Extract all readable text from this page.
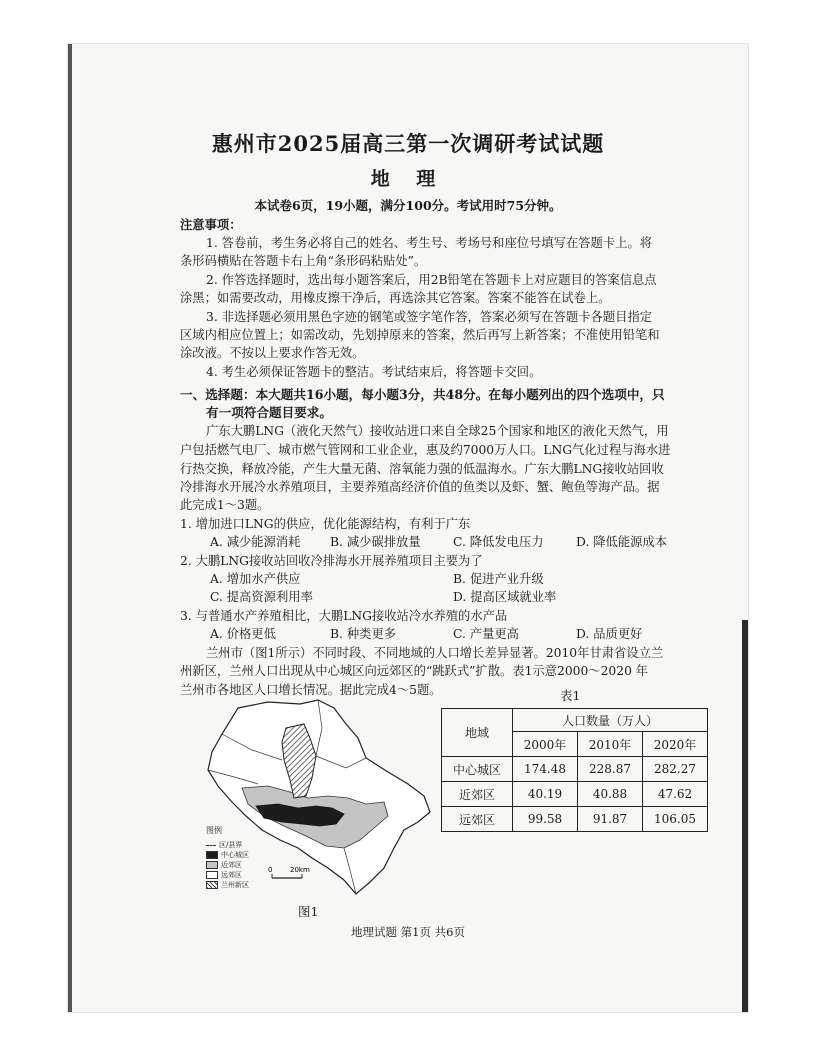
惠州市2025届高三第一次调研考试试题
地 理
本试卷6页，19小题，满分100分。考试用时75分钟。
注意事项：
1. 答卷前，考生务必将自己的姓名、考生号、考场号和座位号填写在答题卡上。将
条形码横贴在答题卡右上角“条形码粘贴处”。
2. 作答选择题时，选出每小题答案后，用2B铅笔在答题卡上对应题目的答案信息点
涂黑；如需要改动，用橡皮擦干净后，再选涂其它答案。答案不能答在试卷上。
3. 非选择题必须用黑色字迹的钢笔或签字笔作答，答案必须写在答题卡各题目指定
区域内相应位置上；如需改动，先划掉原来的答案，然后再写上新答案；不准使用铅笔和
涂改液。不按以上要求作答无效。
4. 考生必须保证答题卡的整洁。考试结束后，将答题卡交回。
一、选择题：本大题共16小题，每小题3分，共48分。在每小题列出的四个选项中，只
有一项符合题目要求。
广东大鹏LNG（液化天然气）接收站进口来自全球25个国家和地区的液化天然气，用
户包括燃气电厂、城市燃气管网和工业企业，惠及约7000万人口。LNG气化过程与海水进
行热交换，释放冷能，产生大量无菌、溶氧能力强的低温海水。广东大鹏LNG接收站回收
冷排海水开展冷水养殖项目，主要养殖高经济价值的鱼类以及虾、蟹、鲍鱼等海产品。据
此完成1～3题。
1. 增加进口LNG的供应，优化能源结构，有利于广东
A. 减少能源消耗 B. 减少碳排放量	C. 降低发电压力	D. 降低能源成本
2. 大鹏LNG接收站回收冷排海水开展养殖项目主要为了
A. 增加水产供应	B. 促进产业升级
C. 提高资源利用率	D. 提高区域就业率
3. 与普通水产养殖相比，大鹏LNG接收站冷水养殖的水产品
A. 价格更低	B. 种类更多	C. 产量更高	D. 品质更好
兰州市（图1所示）不同时段、不同地域的人口增长差异显著。2010年甘肃省设立兰
州新区，兰州人口出现从中心城区向远郊区的“跳跃式”扩散。表1示意2000～2020 年
兰州市各地区人口增长情况。据此完成4～5题。	表1
地域	人口数量（万人）		
	2000年	2010年	2020年
中心城区	174.48	228.87	282.27
近郊区	40.19	40.88	47.62
远郊区	99.58	91.87	106.05
0	20km
图例
区/县界
中心城区
近郊区
远郊区
兰州新区
图1
地理试题 第1页 共6页
